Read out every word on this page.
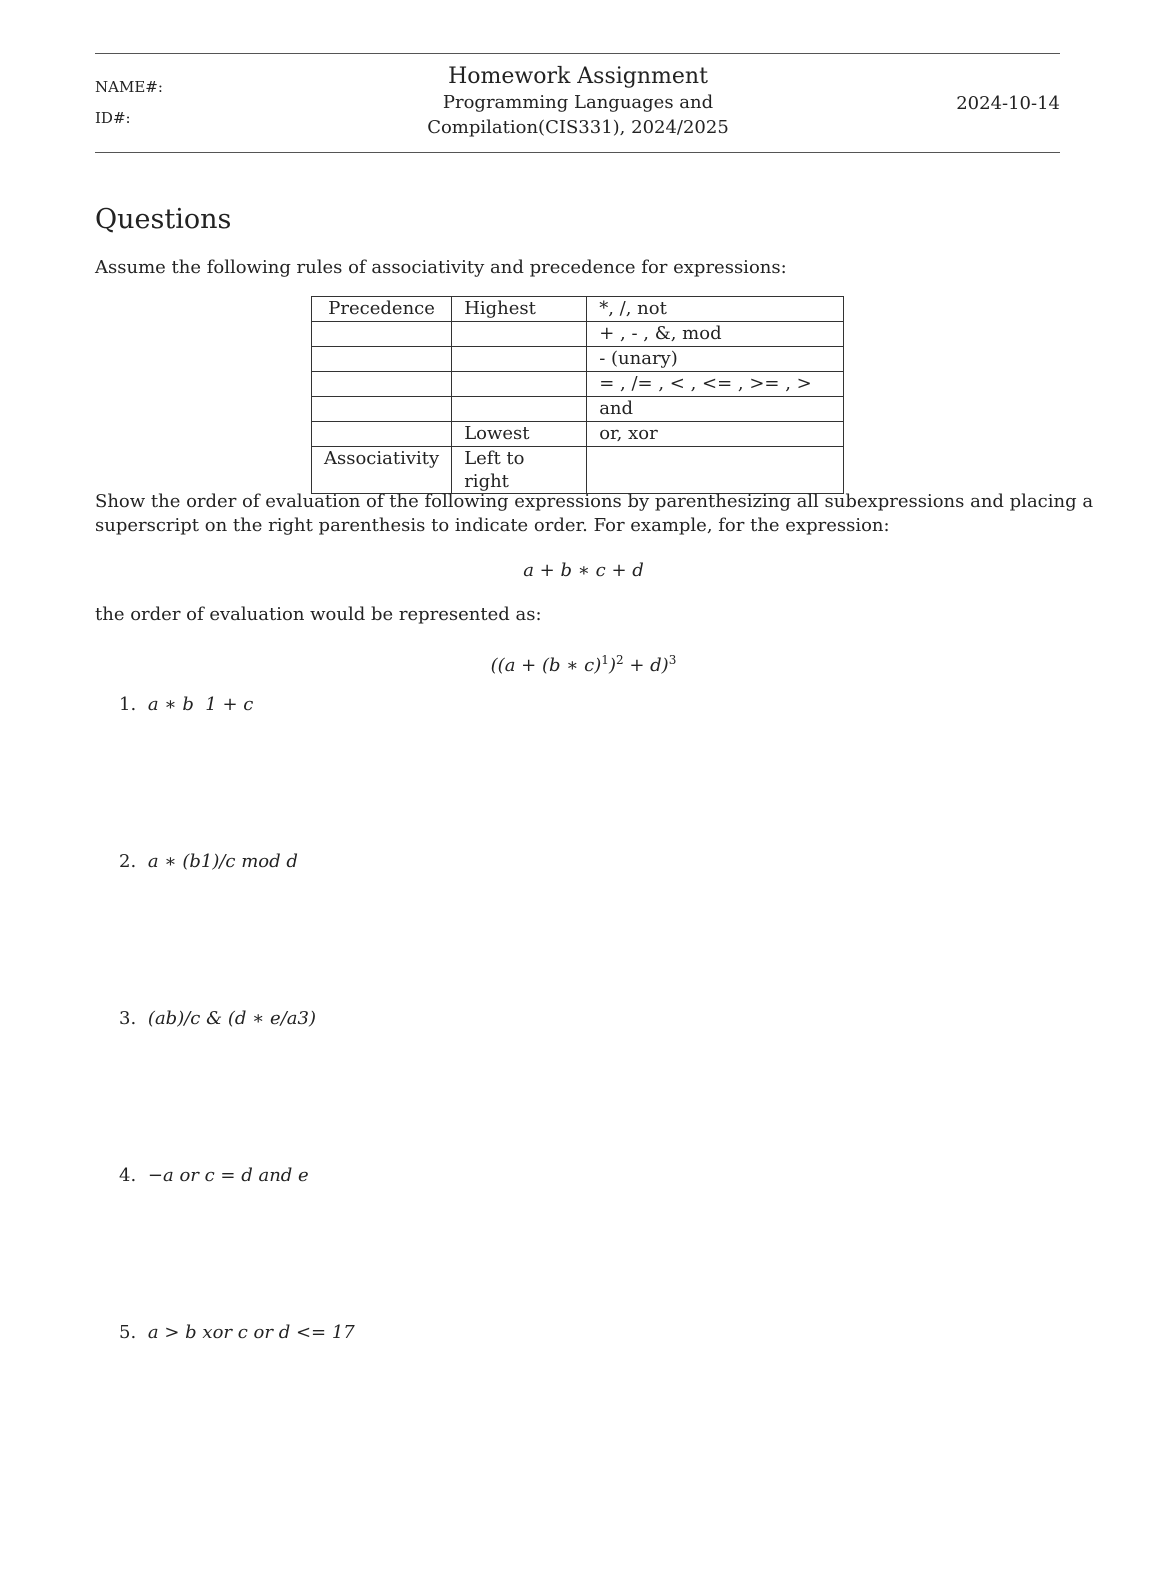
NAME#:
ID#:
Homework Assignment
Programming Languages and
Compilation(CIS331), 2024/2025
2024-10-14
Questions
Assume the following rules of associativity and precedence for expressions:
Precedence	Highest	*, /, not
		+ , - , &, mod
		- (unary)
		= , /= , < , <= , >= , >
		and
	Lowest	or, xor
Associativity	Left to right	
Show the order of evaluation of the following expressions by parenthesizing all subexpressions and placing a
superscript on the right parenthesis to indicate order. For example, for the expression:
a + b ∗ c + d
the order of evaluation would be represented as:
((a + (b ∗ c)$^1$)$^2$ + d)$^3$
1. a ∗ b  1 + c
2. a ∗ (b1)/c mod d
3. (ab)/c & (d ∗ e/a3)
4. −a or c = d and e
5. a > b xor c or d <= 17
